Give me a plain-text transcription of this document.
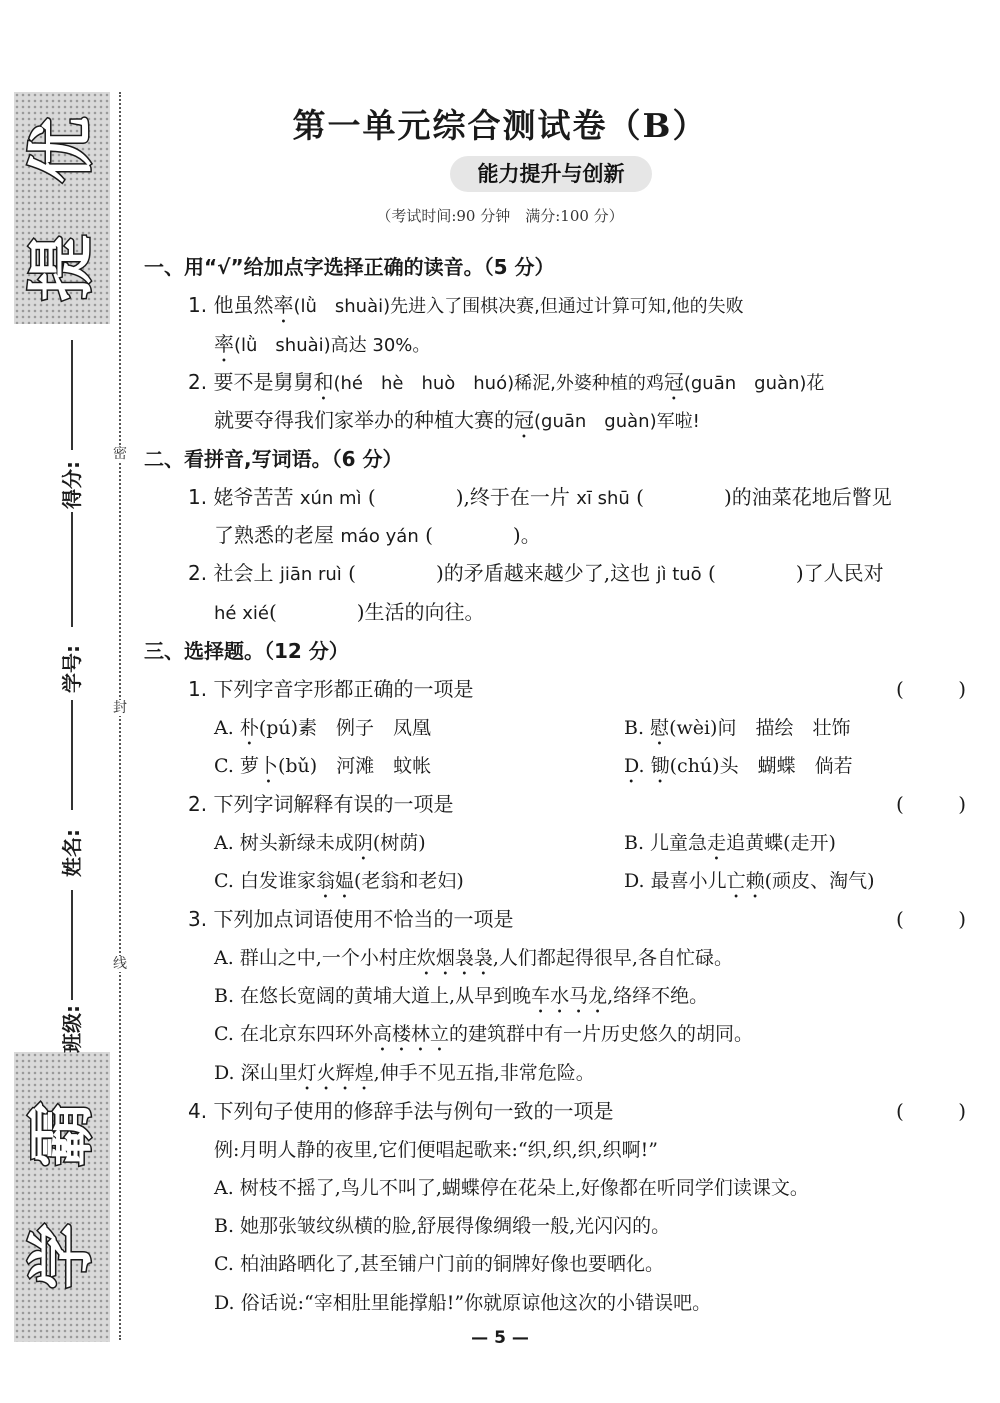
提
优
学
霸
班级:
姓名:
学号:
得分:
密
封
线
第一单元综合测试卷（B）
能力提升与创新
（考试时间:90 分钟　满分:100 分）
一、用“√”给加点字选择正确的读音。（5 分）
1. 他虽然率(lǜ　shuài)先进入了围棋决赛,但通过计算可知,他的失败
率(lǜ　shuài)高达 30%。
2. 要不是舅舅和(hé　hè　huò　huó)稀泥,外婆种植的鸡冠(guān　guàn)花
就要夺得我们家举办的种植大赛的冠(guān　guàn)军啦!
二、看拼音,写词语。（6 分）
1. 姥爷苦苦 xún mì (　　　　),终于在一片 xī shū (　　　　)的油菜花地后瞥见
了熟悉的老屋 máo yán (　　　　)。
2. 社会上 jiān ruì (　　　　)的矛盾越来越少了,这也 jì tuō (　　　　)了人民对
hé xié(　　　　)生活的向往。
三、选择题。（12 分）
1. 下列字音字形都正确的一项是	(	)
A. 朴(pú)素　例子　凤凰	B. 慰(wèi)问　描绘　壮饰
C. 萝卜(bǔ)　河滩　蚊帐	D. 锄(chú)头　蝴蝶　倘若
2. 下列字词解释有误的一项是	(	)
A. 树头新绿未成阴(树荫)	B. 儿童急走追黄蝶(走开)
C. 白发谁家翁媪(老翁和老妇)	D. 最喜小儿亡赖(顽皮、淘气)
3. 下列加点词语使用不恰当的一项是	(	)
A. 群山之中,一个小村庄炊烟袅袅,人们都起得很早,各自忙碌。
B. 在悠长宽阔的黄埔大道上,从早到晚车水马龙,络绎不绝。
C. 在北京东四环外高楼林立的建筑群中有一片历史悠久的胡同。
D. 深山里灯火辉煌,伸手不见五指,非常危险。
4. 下列句子使用的修辞手法与例句一致的一项是	(	)
例:月明人静的夜里,它们便唱起歌来:“织,织,织,织啊!”
A. 树枝不摇了,鸟儿不叫了,蝴蝶停在花朵上,好像都在听同学们读课文。
B. 她那张皱纹纵横的脸,舒展得像绸缎一般,光闪闪的。
C. 柏油路晒化了,甚至铺户门前的铜牌好像也要晒化。
D. 俗话说:“宰相肚里能撑船!”你就原谅他这次的小错误吧。
— 5 —
